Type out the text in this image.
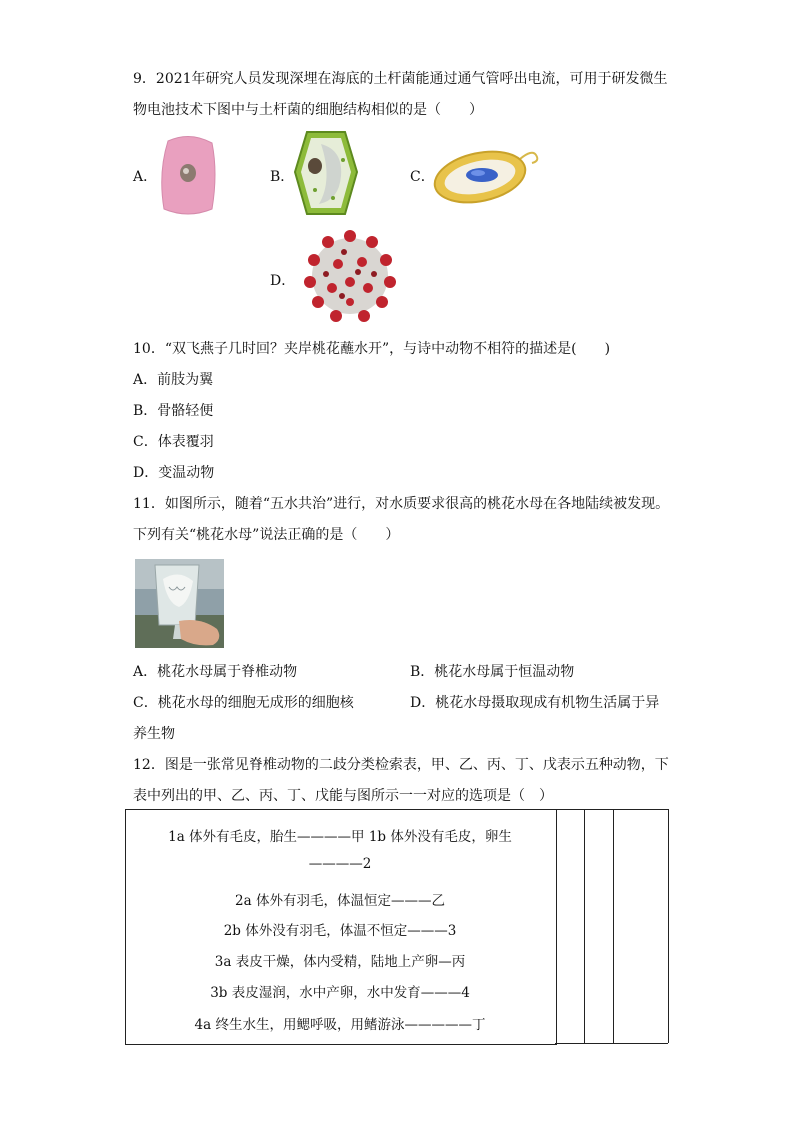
9．2021年研究人员发现深埋在海底的土杆菌能通过通气管呼出电流，可用于研发微生
物电池技术下图中与土杆菌的细胞结构相似的是（　　）
A．	B．	C．
D．
10．“双飞燕子几时回？夹岸桃花蘸水开”，与诗中动物不相符的描述是(　　)
A．前肢为翼
B．骨骼轻便
C．体表覆羽
D．变温动物
11．如图所示，随着“五水共治”进行，对水质要求很高的桃花水母在各地陆续被发现。
下列有关“桃花水母”说法正确的是（　　）
A．桃花水母属于脊椎动物	B．桃花水母属于恒温动物
C．桃花水母的细胞无成形的细胞核	D．桃花水母摄取现成有机物生活属于异
养生物
12．图是一张常见脊椎动物的二歧分类检索表，甲、乙、丙、丁、戊表示五种动物，下
表中列出的甲、乙、丙、丁、戊能与图所示一一对应的选项是（　）
1a 体外有毛皮，胎生————甲 1b 体外没有毛皮，卵生
————2
2a 体外有羽毛，体温恒定———乙
2b 体外没有羽毛，体温不恒定———3
3a 表皮干燥，体内受精，陆地上产卵—丙
3b 表皮湿润，水中产卵，水中发育———4
4a 终生水生，用鳃呼吸，用鳍游泳—————丁
